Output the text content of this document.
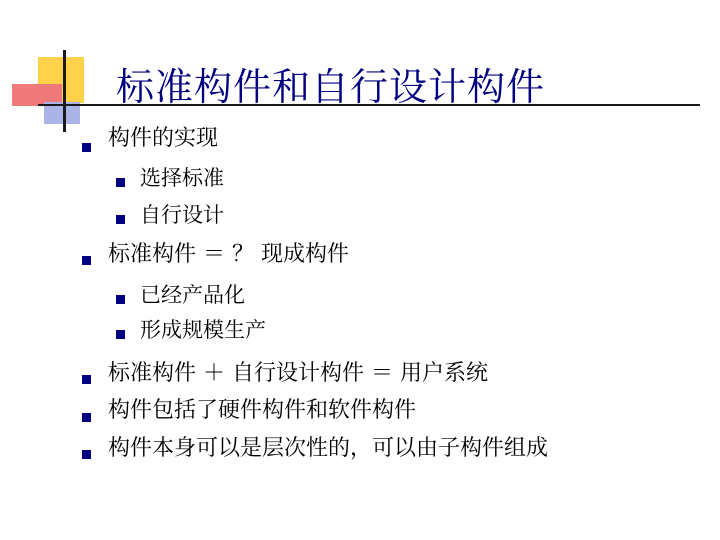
标准构件和自行设计构件
构件的实现
选择标准
自行设计
标准构件 ＝ ？ 现成构件
已经产品化
形成规模生产
标准构件 ＋ 自行设计构件 ＝ 用户系统
构件包括了硬件构件和软件构件
构件本身可以是层次性的，可以由子构件组成
